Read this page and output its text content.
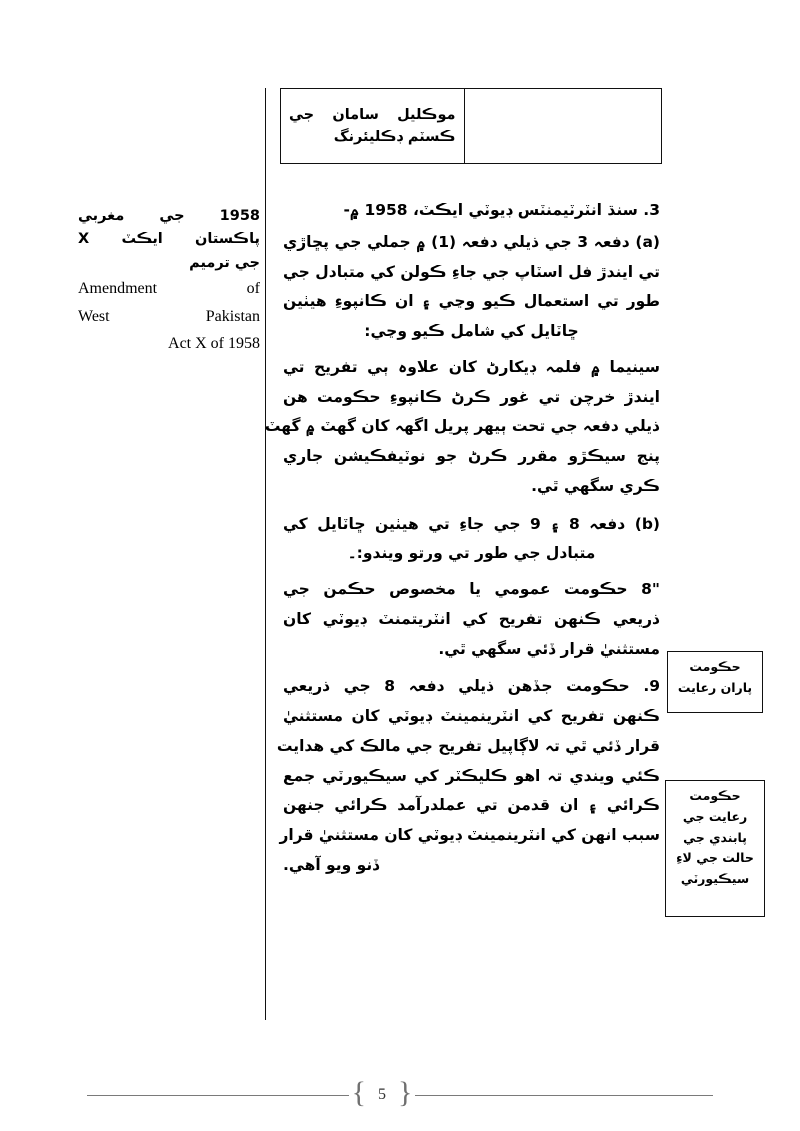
موڪليل سامان جي
ڪسٽم ڊڪليئرنگ
1958 جي مغربي
پاڪستان ايڪٽ X
جي ترميم
Amendment of
West Pakistan
Act X of 1958

3. سنڌ انٽرٽيمنٽس ڊيوٽي ايڪٽ، 1958 ۾-

(a) دفعہ 3 جي ذيلي دفعہ (1) ۾ جملي جي پڇاڙي
تي ايندڙ فل اسٽاپ جي جاءِ ڪولن کي متبادل جي
طور تي استعمال ڪيو وڃي ۽ ان ڪانپوءِ هيٺين
ڇاٽايل کي شامل ڪيو وڃي:

سينيما ۾ فلمہ ڊيکارڻ کان علاوہ ٻي تفريح تي
ايندڙ خرچن تي غور ڪرڻ ڪانپوءِ حڪومت هن
ذيلي دفعہ جي تحت ٻيهر پريل اگھہ کان گھٽ ۾ گھٽ
پنج سيڪڙو مقرر ڪرڻ جو نوٽيفڪيشن جاري
ڪري سگھي ٿي.

(b) دفعہ 8 ۽ 9 جي جاءِ تي هيٺين ڇاٽايل کي
متبادل جي طور تي ورتو ويندو:۔

"8 حڪومت عمومي يا مخصوص حڪمن جي
ذريعي ڪنهن تفريح کي انٽريتمنٽ ڊيوٽي کان
مستثنيٰ قرار ڏئي سگھي ٿي.

9. حڪومت جڏهن ذيلي دفعہ 8 جي ذريعي
ڪنهن تفريح کي انٽرينمينٽ ڊيوٽي کان مستثنيٰ
قرار ڏئي ٿي تہ لاڳاپيل تفريح جي مالڪ کي هدايت
ڪئي ويندي تہ اهو ڪليڪٽر کي سيڪيورٽي جمع
ڪرائي ۽ ان قدمن تي عملدرآمد ڪرائي جنهن
سبب انهن کي انٽرينمينٽ ڊيوٽي کان مستثنيٰ قرار
ڏنو ويو آهي.

حڪومت
پاران رعايت
حڪومت
رعايت جي
پابندي جي
حالت جي لاءِ
سيڪيورٽي
{ 5 }
